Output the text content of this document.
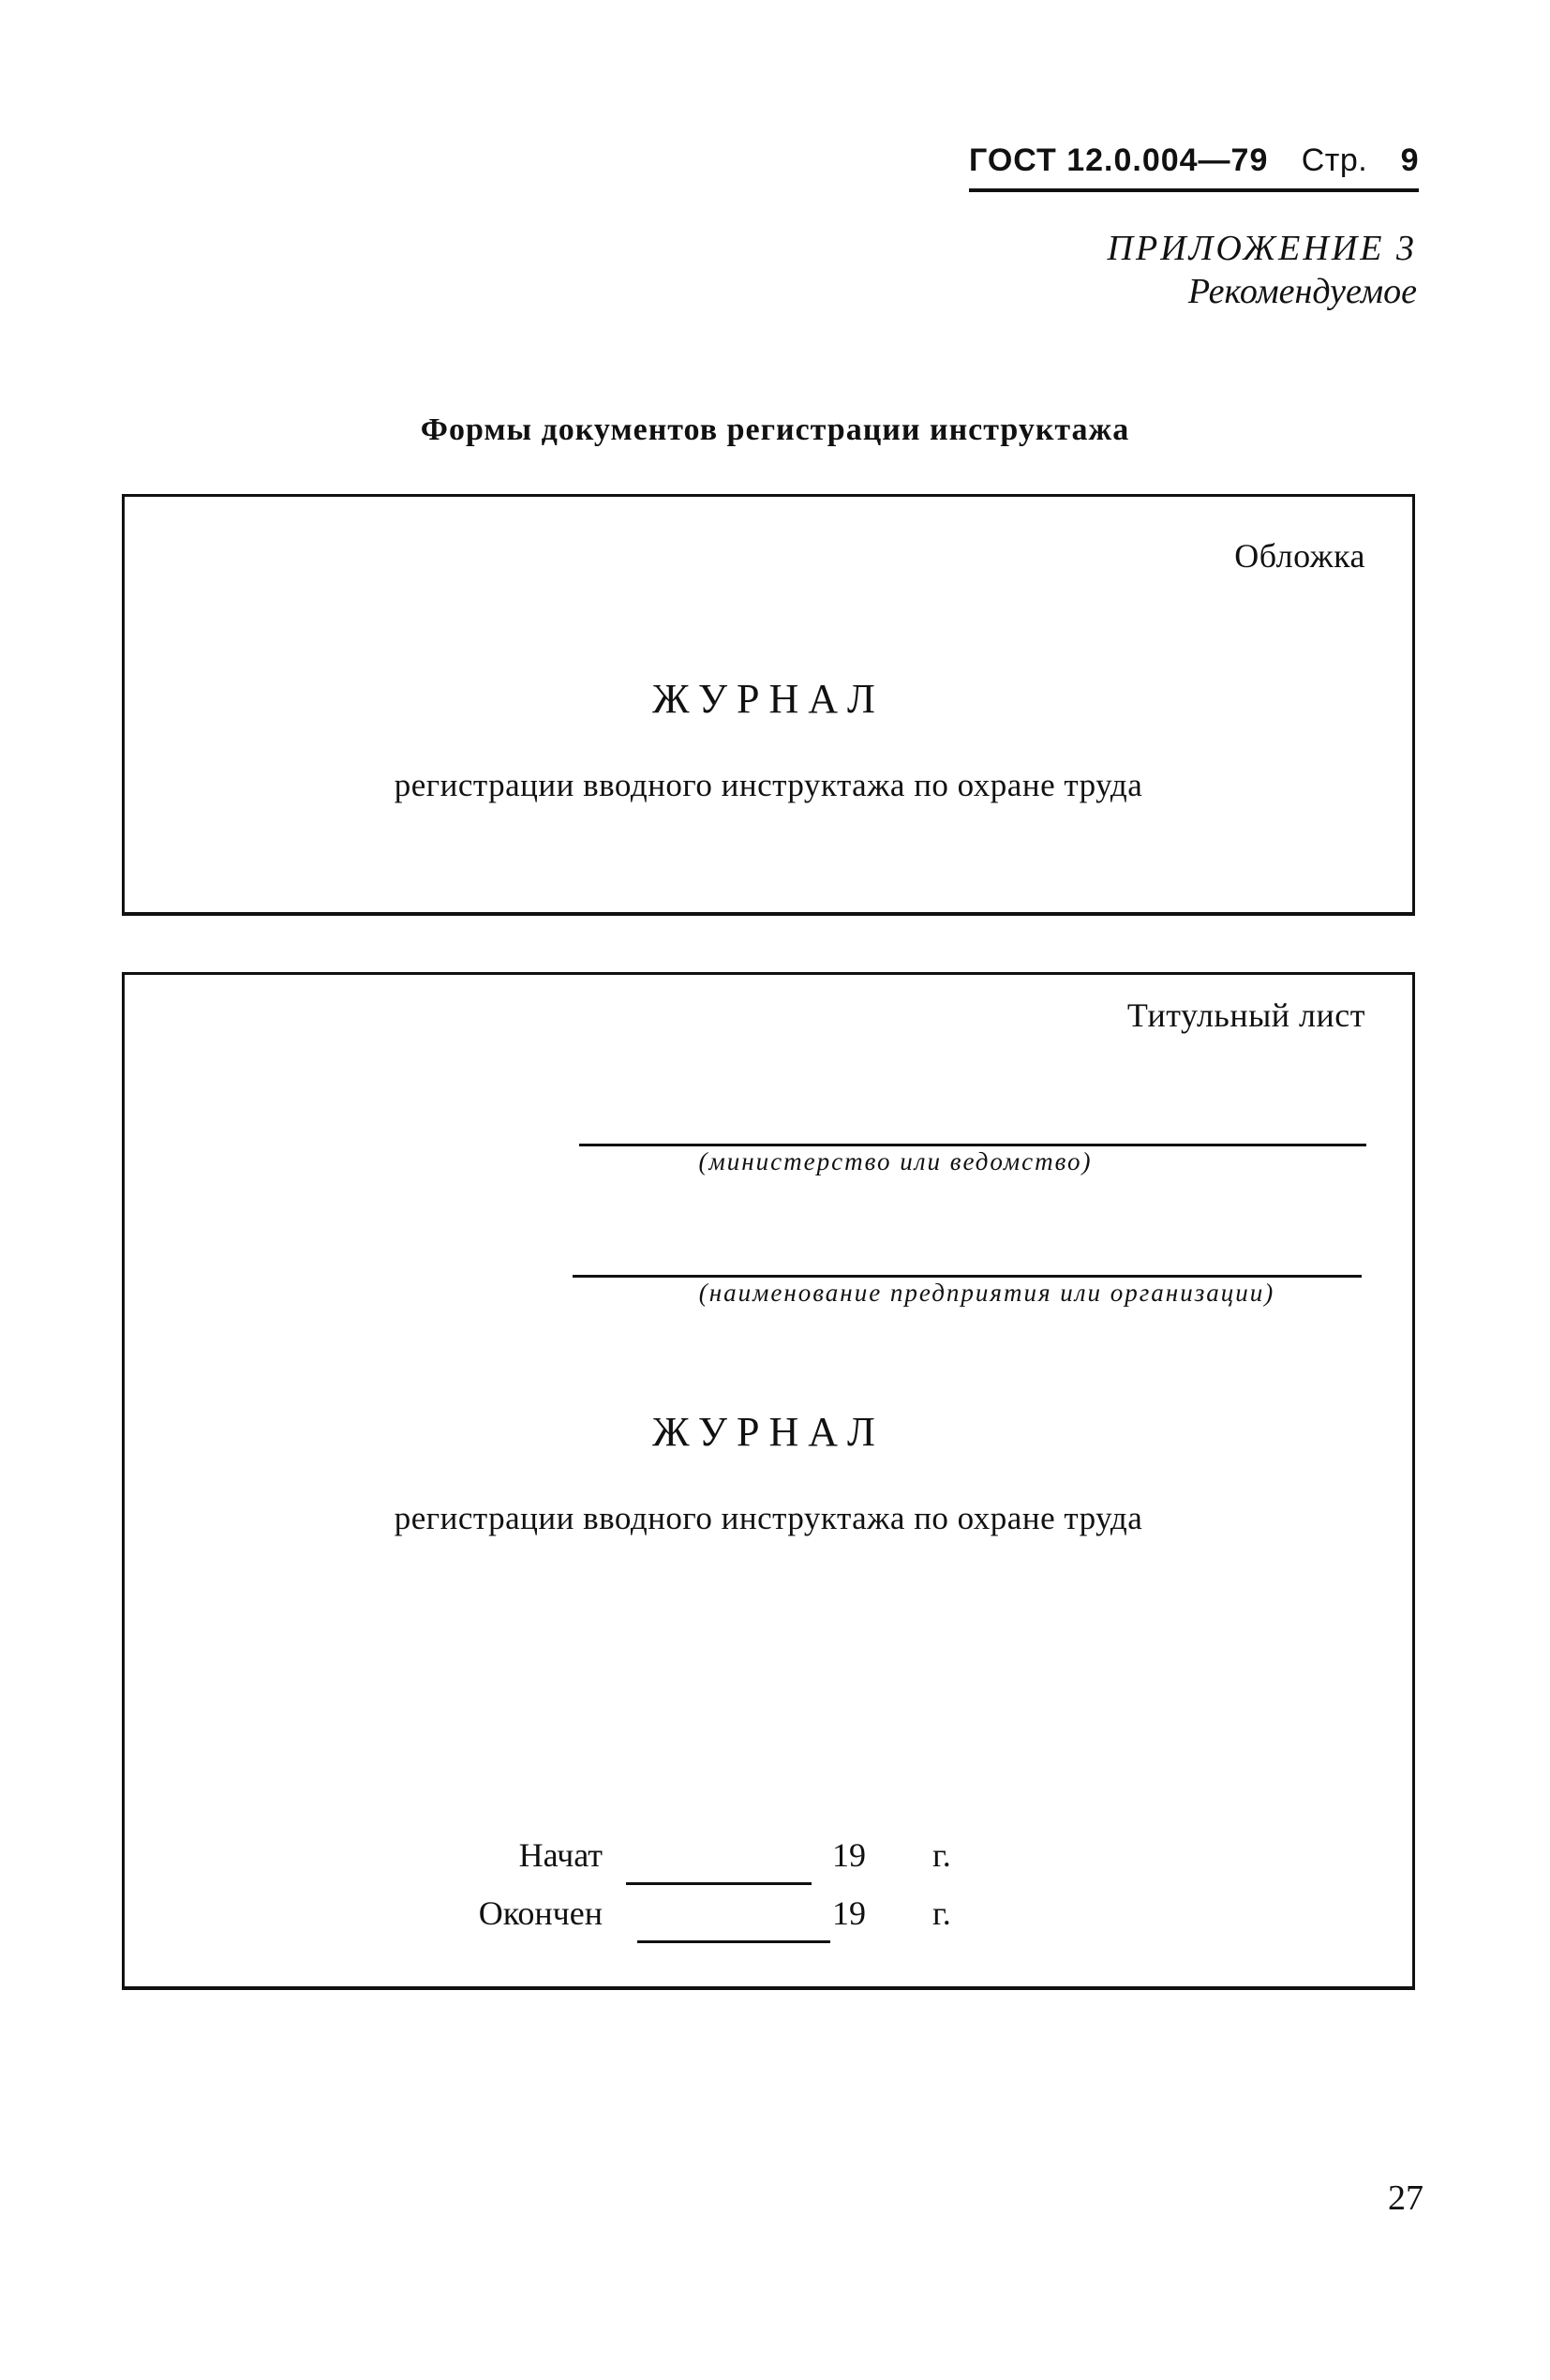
ГОСТ 12.0.004—79 Стр. 9
ПРИЛОЖЕНИЕ 3
Рекомендуемое
Формы документов регистрации инструктажа
Обложка
ЖУРНАЛ
регистрации вводного инструктажа по охране труда
Титульный лист
(министерство или ведомство)
(наименование предприятия или организации)
ЖУРНАЛ
регистрации вводного инструктажа по охране труда
Начат	19 г.
Окончен	19 г.
27
